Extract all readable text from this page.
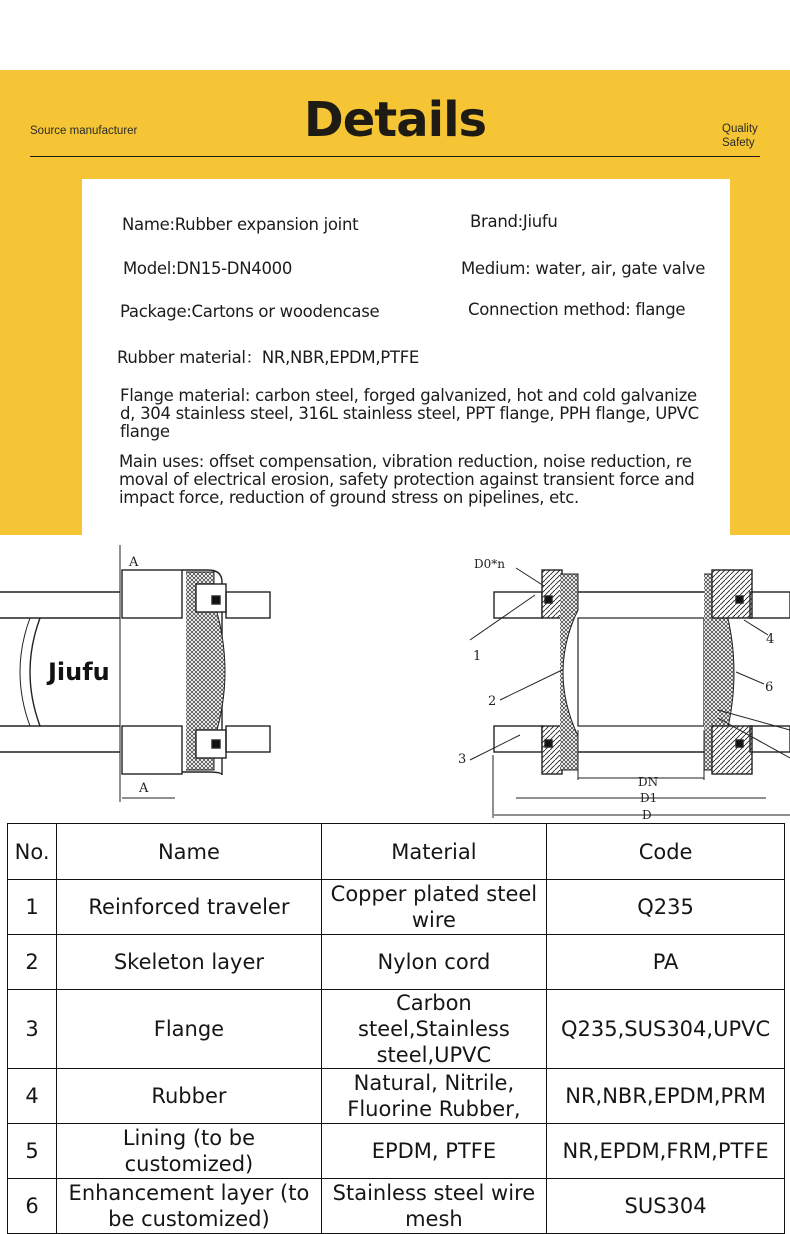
Source manufacturer	Details	Quality Safety
Name:Rubber expansion joint	Brand:Jiufu
Model:DN15-DN4000	Medium: water, air, gate valve
Package:Cartons or woodencase	Connection method: flange
Rubber material：NR,NBR,EPDM,PTFE
Flange material: carbon steel, forged galvanized, hot and cold galvanized, 304 stainless steel, 316L stainless steel, PPT flange, PPH flange, UPVC flange
Main uses: offset compensation, vibration reduction, noise reduction, removal of electrical erosion, safety protection against transient force and impact force, reduction of ground stress on pipelines, etc.
A
A
Jiufu
D0*n
1
2
3
4
6
DN
D1
D
No.	Name	Material	Code
1	Reinforced traveler	Copper plated steel wire	Q235
2	Skeleton layer	Nylon cord	PA
3	Flange	Carbon steel,Stainless steel,UPVC	Q235,SUS304,UPVC
4	Rubber	Natural, Nitrile, Fluorine Rubber,	NR,NBR,EPDM,PRM
5	Lining (to be customized)	EPDM, PTFE	NR,EPDM,FRM,PTFE
6	Enhancement layer (to be customized)	Stainless steel wire mesh	SUS304
